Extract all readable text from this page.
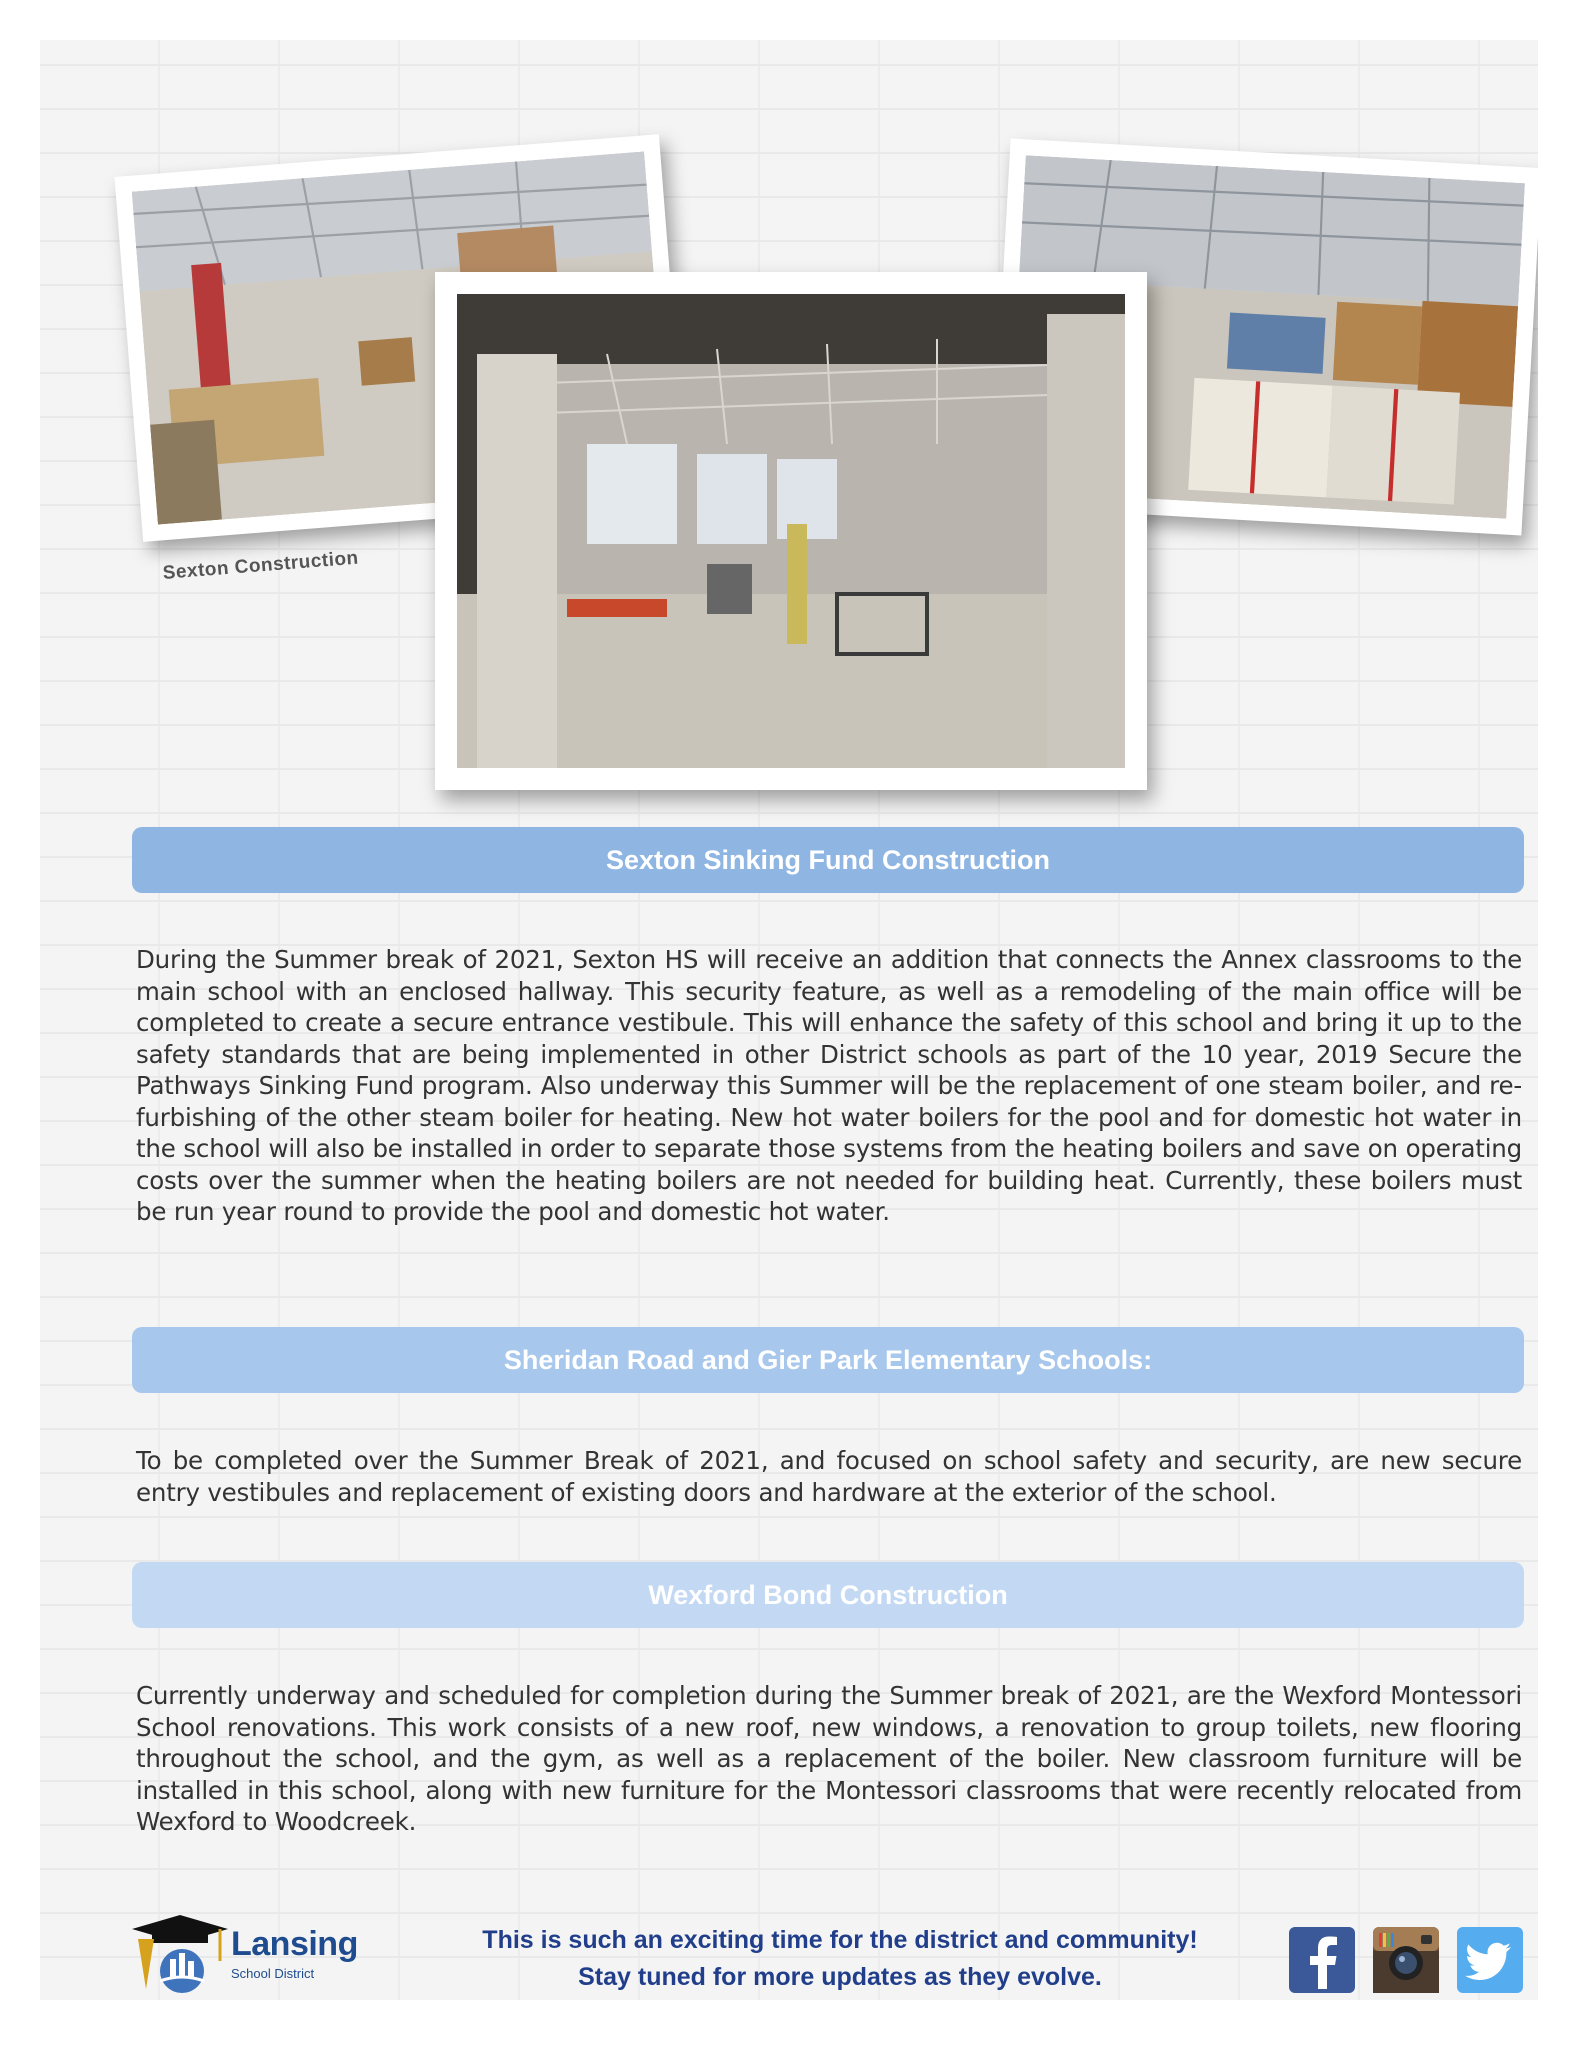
Sexton Construction
Sexton Sinking Fund Construction
During the Summer break of 2021, Sexton HS will receive an addition that connects the Annex classrooms to the main school with an enclosed hallway. This security feature, as well as a remodeling of the main office will be completed to create a secure entrance vestibule. This will enhance the safety of this school and bring it up to the safety standards that are being implemented in other District schools as part of the 10 year, 2019 Secure the Pathways Sinking Fund program. Also underway this Summer will be the replacement of one steam boiler, and re-furbishing of the other steam boiler for heating. New hot water boilers for the pool and for domestic hot water in the school will also be installed in order to separate those systems from the heating boilers and save on operating costs over the summer when the heating boilers are not needed for building heat. Currently, these boilers must be run year round to provide the pool and domestic hot water.
Sheridan Road and Gier Park Elementary Schools:
To be completed over the Summer Break of 2021, and focused on school safety and security, are new secure entry vestibules and replacement of existing doors and hardware at the exterior of the school.
Wexford Bond Construction
Currently underway and scheduled for completion during the Summer break of 2021, are the Wexford Montessori School renovations. This work consists of a new roof, new windows, a renovation to group toilets, new flooring throughout the school, and the gym, as well as a replacement of the boiler. New classroom furniture will be installed in this school, along with new furniture for the Montessori classrooms that were recently relocated from Wexford to Woodcreek.
Lansing
School District
This is such an exciting time for the district and community!
Stay tuned for more updates as they evolve.
